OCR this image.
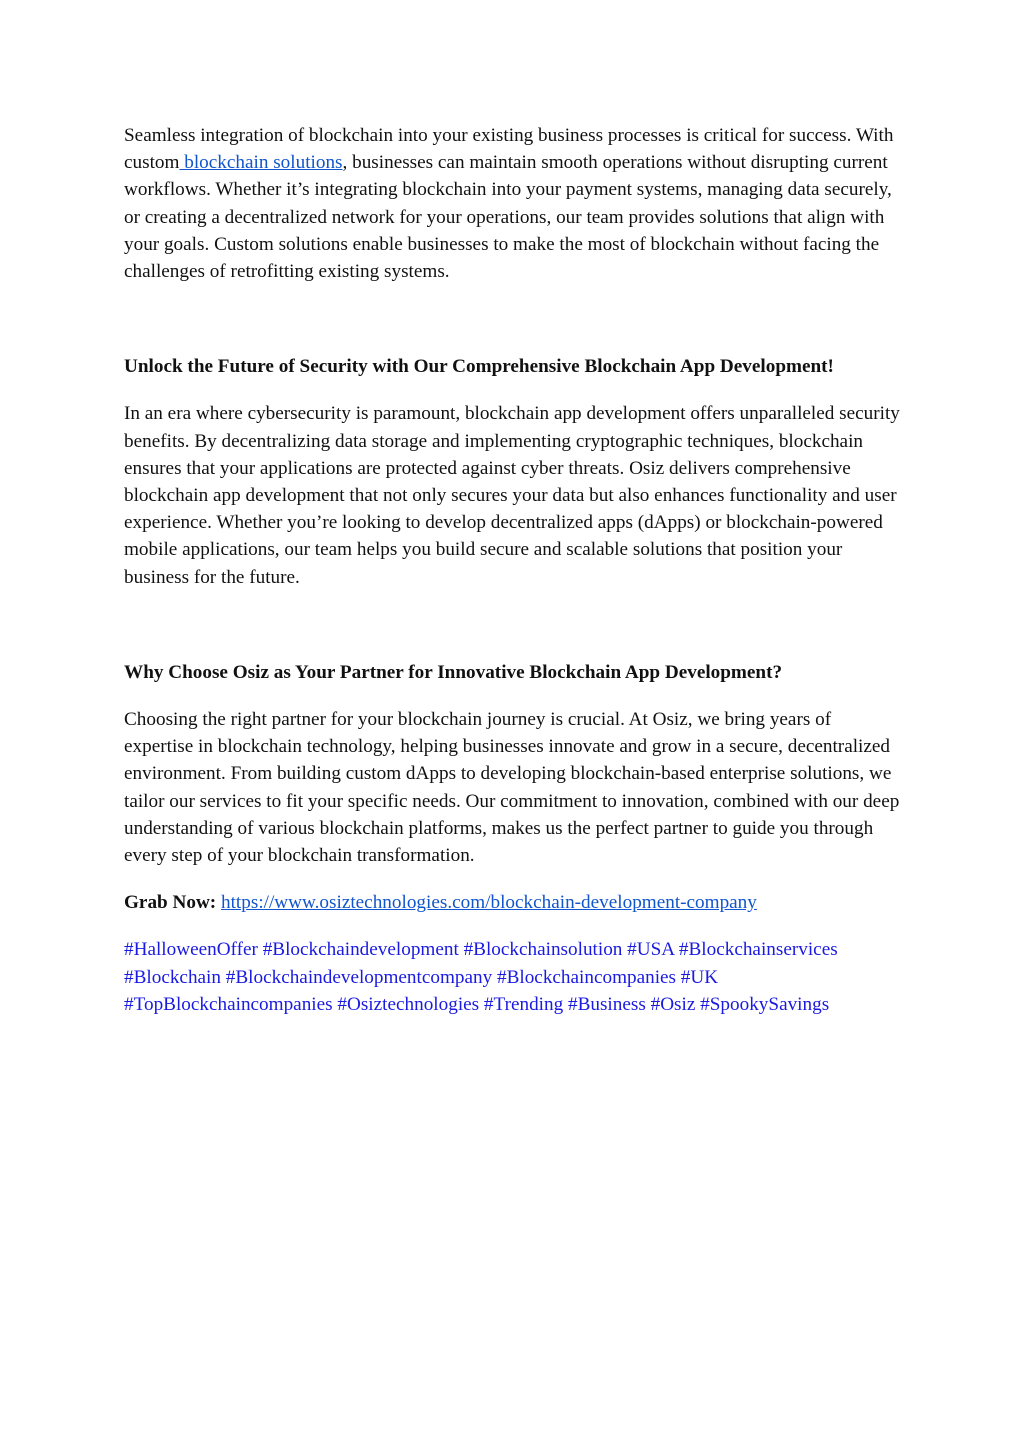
Seamless integration of blockchain into your existing business processes is critical for success. With custom blockchain solutions, businesses can maintain smooth operations without disrupting current workflows. Whether it’s integrating blockchain into your payment systems, managing data securely, or creating a decentralized network for your operations, our team provides solutions that align with your goals. Custom solutions enable businesses to make the most of blockchain without facing the challenges of retrofitting existing systems.

Unlock the Future of Security with Our Comprehensive Blockchain App Development!

In an era where cybersecurity is paramount, blockchain app development offers unparalleled security benefits. By decentralizing data storage and implementing cryptographic techniques, blockchain ensures that your applications are protected against cyber threats. Osiz delivers comprehensive blockchain app development that not only secures your data but also enhances functionality and user experience. Whether you’re looking to develop decentralized apps (dApps) or blockchain-powered mobile applications, our team helps you build secure and scalable solutions that position your business for the future.

Why Choose Osiz as Your Partner for Innovative Blockchain App Development?

Choosing the right partner for your blockchain journey is crucial. At Osiz, we bring years of expertise in blockchain technology, helping businesses innovate and grow in a secure, decentralized environment. From building custom dApps to developing blockchain-based enterprise solutions, we tailor our services to fit your specific needs. Our commitment to innovation, combined with our deep understanding of various blockchain platforms, makes us the perfect partner to guide you through every step of your blockchain transformation.

Grab Now: https://www.osiztechnologies.com/blockchain-development-company

#HalloweenOffer #Blockchaindevelopment #Blockchainsolution #USA #Blockchainservices #Blockchain #Blockchaindevelopmentcompany #Blockchaincompanies #UK #TopBlockchaincompanies #Osiztechnologies #Trending #Business #Osiz #SpookySavings
